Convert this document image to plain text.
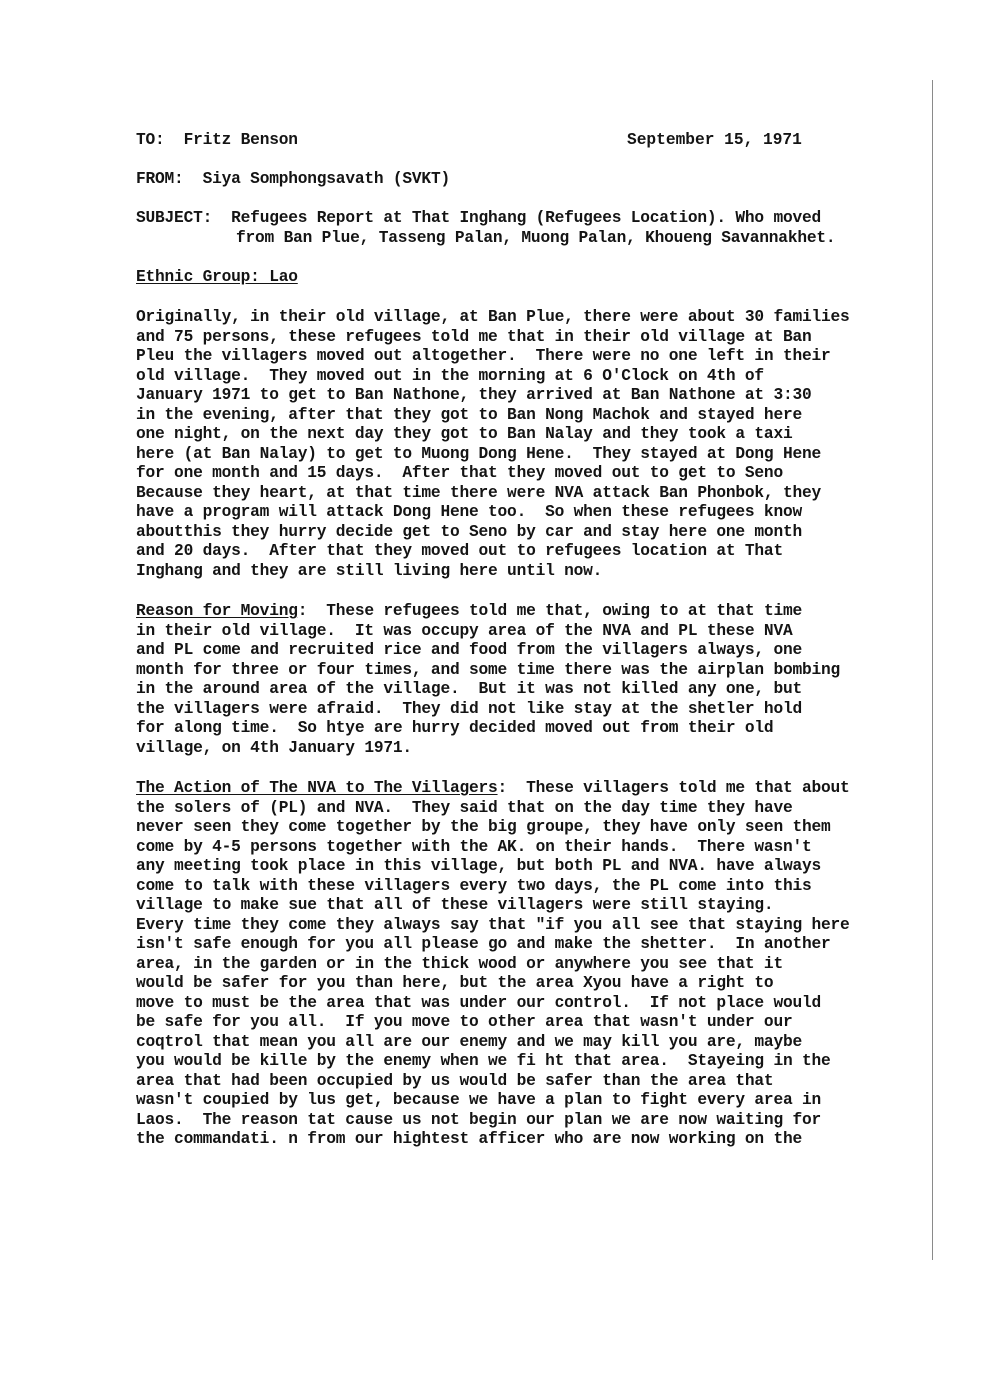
TO: Fritz Benson	September 15, 1971
FROM: Siya Somphongsavath (SVKT)
SUBJECT: Refugees Report at That Inghang (Refugees Location). Who moved
from Ban Plue, Tasseng Palan, Muong Palan, Khoueng Savannakhet.
Ethnic Group: Lao
Originally, in their old village, at Ban Plue, there were about 30 families
and 75 persons, these refugees told me that in their old village at Ban
Pleu the villagers moved out altogether.  There were no one left in their
old village.  They moved out in the morning at 6 O'Clock on 4th of
January 1971 to get to Ban Nathone, they arrived at Ban Nathone at 3:30
in the evening, after that they got to Ban Nong Machok and stayed here
one night, on the next day they got to Ban Nalay and they took a taxi
here (at Ban Nalay) to get to Muong Dong Hene.  They stayed at Dong Hene
for one month and 15 days.  After that they moved out to get to Seno
Because they heart, at that time there were NVA attack Ban Phonbok, they
have a program will attack Dong Hene too.  So when these refugees know
aboutthis they hurry decide get to Seno by car and stay here one month
and 20 days.  After that they moved out to refugees location at That
Inghang and they are still living here until now.
Reason for Moving:  These refugees told me that, owing to at that time
in their old village.  It was occupy area of the NVA and PL these NVA
and PL come and recruited rice and food from the villagers always, one
month for three or four times, and some time there was the airplan bombing
in the around area of the village.  But it was not killed any one, but
the villagers were afraid.  They did not like stay at the shetler hold
for along time.  So htye are hurry decided moved out from their old
village, on 4th January 1971.
The Action of The NVA to The Villagers:  These villagers told me that about
the solers of (PL) and NVA.  They said that on the day time they have
never seen they come together by the big groupe, they have only seen them
come by 4-5 persons together with the AK. on their hands.  There wasn't
any meeting took place in this village, but both PL and NVA. have always
come to talk with these villagers every two days, the PL come into this
village to make sue that all of these villagers were still staying.
Every time they come they always say that "if you all see that staying here
isn't safe enough for you all please go and make the shetter.  In another
area, in the garden or in the thick wood or anywhere you see that it
would be safer for you than here, but the area Xyou have a right to
move to must be the area that was under our control.  If not place would
be safe for you all.  If you move to other area that wasn't under our
coqtrol that mean you all are our enemy and we may kill you are, maybe
you would be kille by the enemy when we fi ht that area.  Stayeing in the
area that had been occupied by us would be safer than the area that
wasn't coupied by lus get, because we have a plan to fight every area in
Laos.  The reason tat cause us not begin our plan we are now waiting for
the commandati. n from our hightest afficer who are now working on the
